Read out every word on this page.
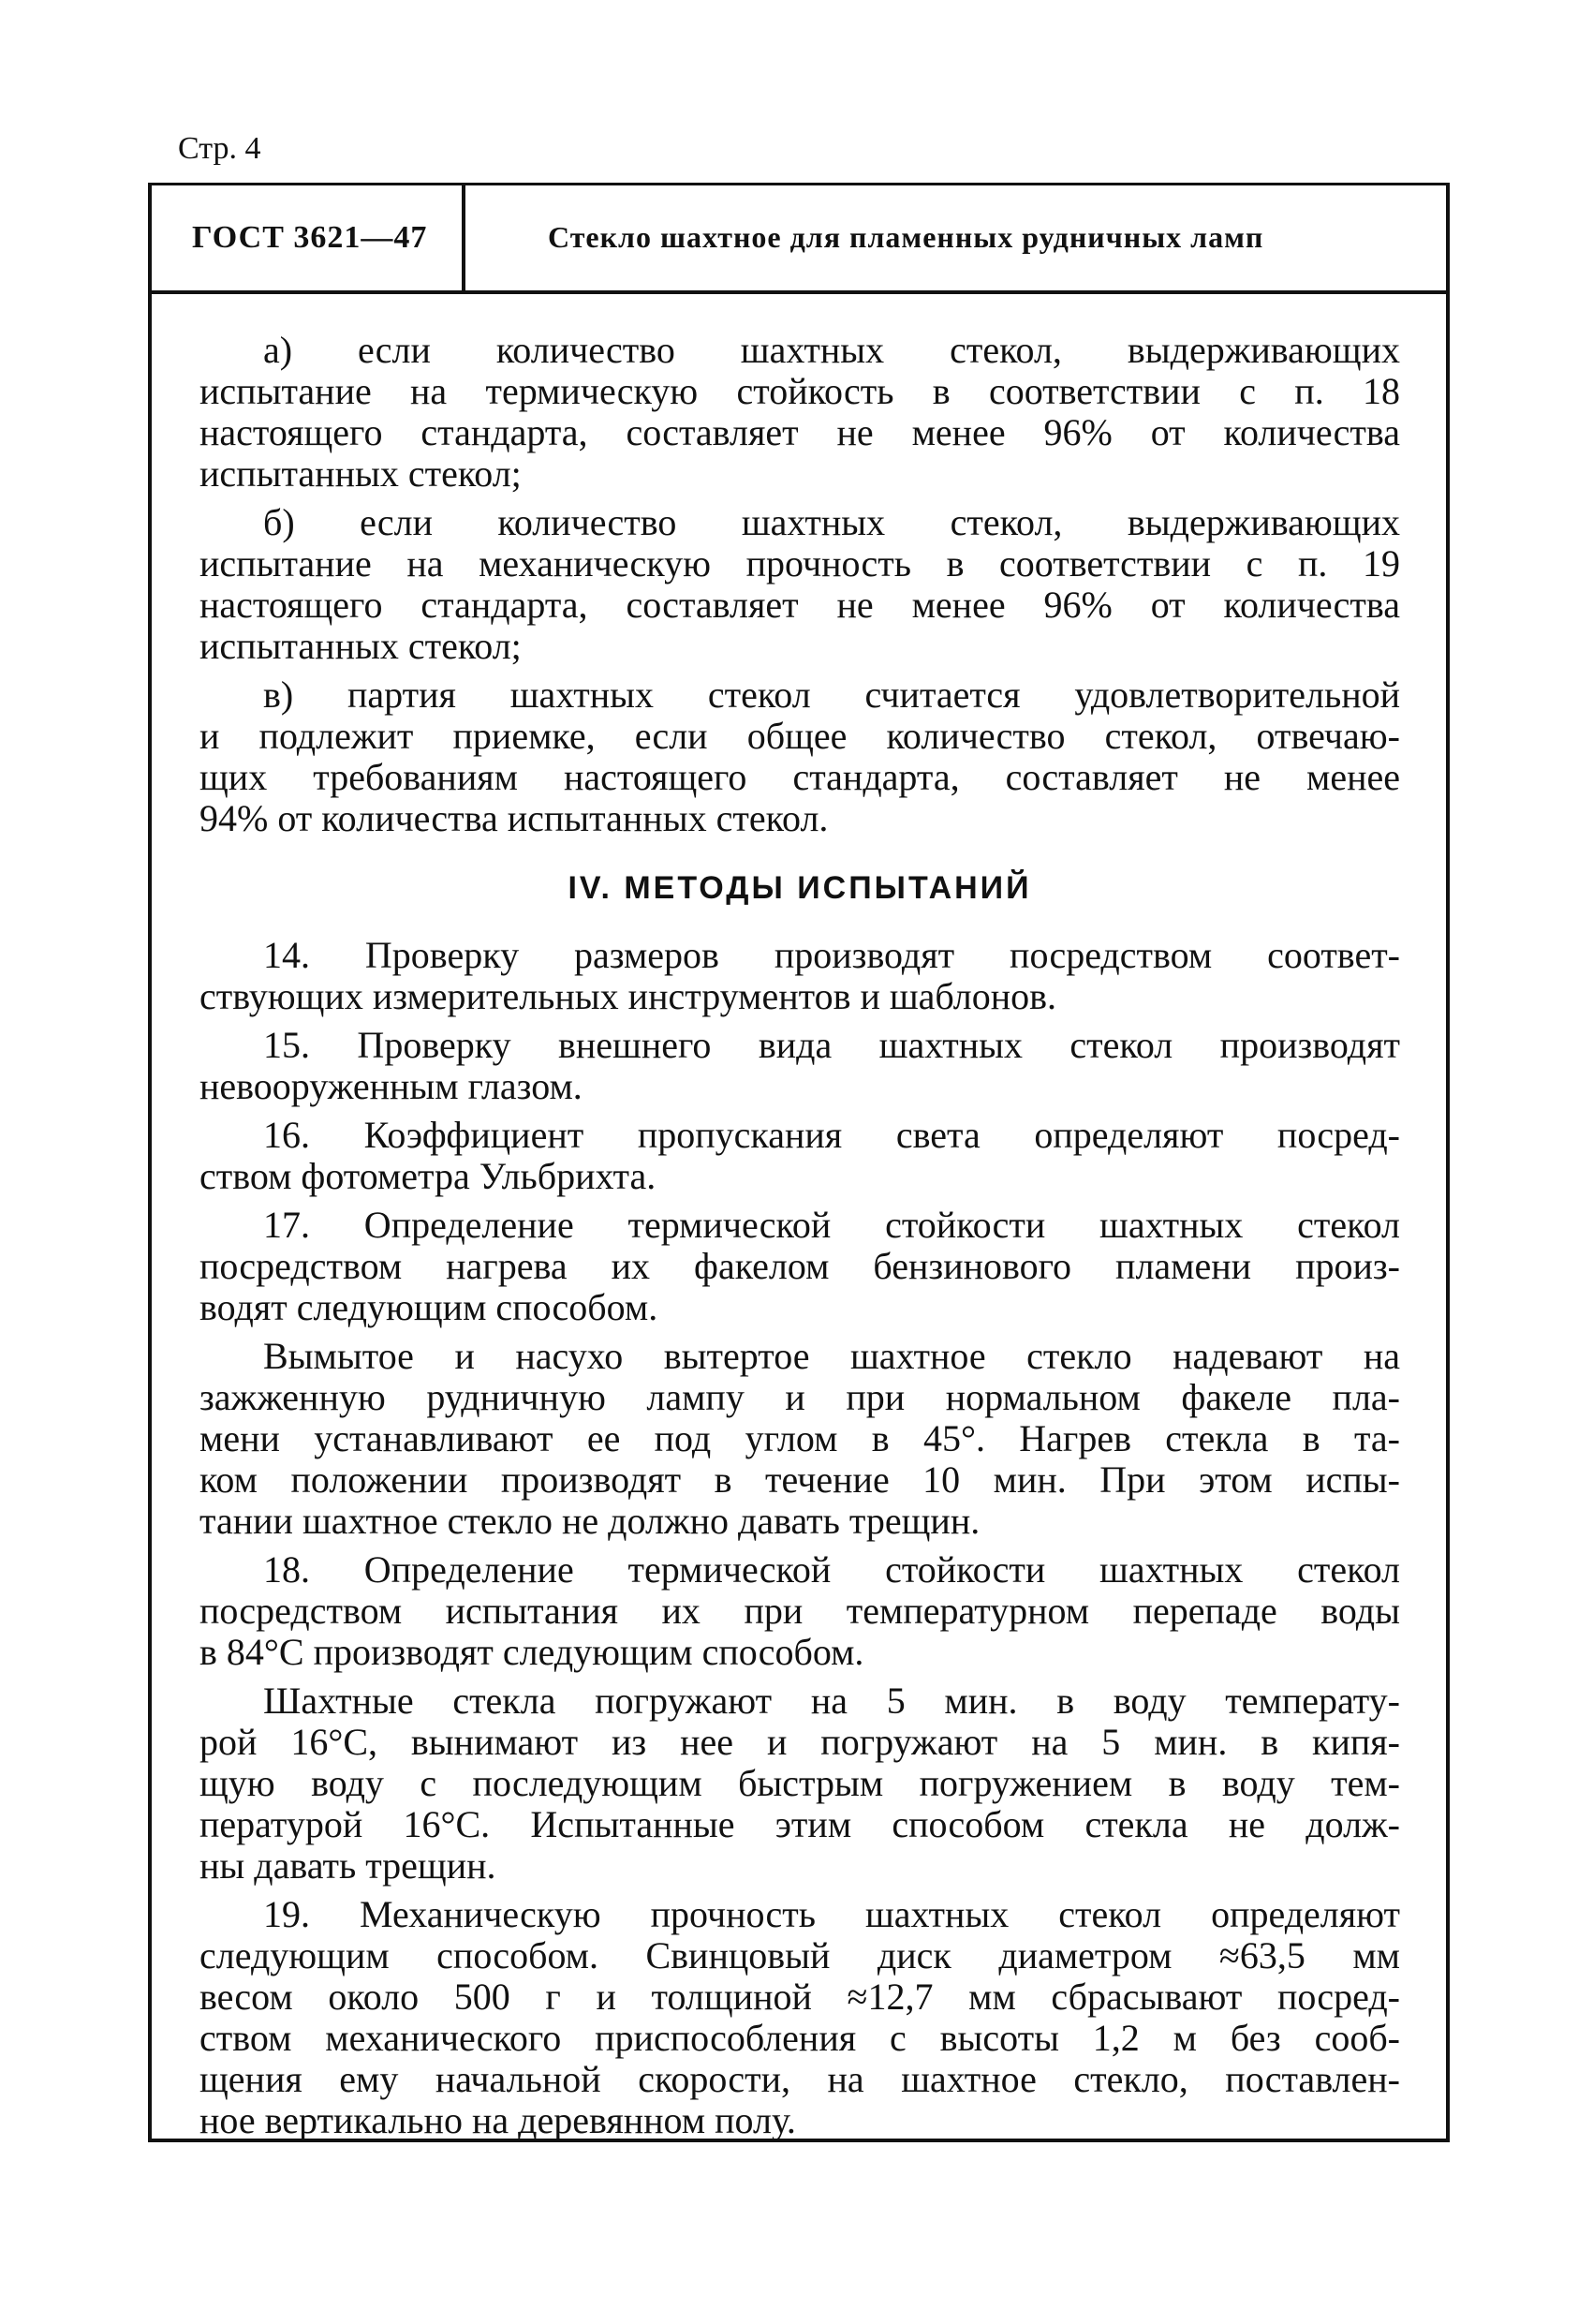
Стр. 4
ГОСТ 3621—47	Стекло шахтное для пламенных рудничных ламп
а) если количество шахтных стекол, выдерживающих
испытание на термическую стойкость в соответствии с п. 18
настоящего стандарта, составляет не менее 96% от количества
испытанных стекол;
б) если количество шахтных стекол, выдерживающих
испытание на механическую прочность в соответствии с п. 19
настоящего стандарта, составляет не менее 96% от количества
испытанных стекол;
в) партия шахтных стекол считается удовлетворительной
и подлежит приемке, если общее количество стекол, отвечаю-
щих требованиям настоящего стандарта, составляет не менее
94% от количества испытанных стекол.
IV. МЕТОДЫ ИСПЫТАНИЙ
14. Проверку размеров производят посредством соответ-
ствующих измерительных инструментов и шаблонов.
15. Проверку внешнего вида шахтных стекол производят
невооруженным глазом.
16. Коэффициент пропускания света определяют посред-
ством фотометра Ульбрихта.
17. Определение термической стойкости шахтных стекол
посредством нагрева их факелом бензинового пламени произ-
водят следующим способом.
Вымытое и насухо вытертое шахтное стекло надевают на
зажженную рудничную лампу и при нормальном факеле пла-
мени устанавливают ее под углом в 45°. Нагрев стекла в та-
ком положении производят в течение 10 мин. При этом испы-
тании шахтное стекло не должно давать трещин.
18. Определение термической стойкости шахтных стекол
посредством испытания их при температурном перепаде воды
в 84°С производят следующим способом.
Шахтные стекла погружают на 5 мин. в воду температу-
рой 16°С, вынимают из нее и погружают на 5 мин. в кипя-
щую воду с последующим быстрым погружением в воду тем-
пературой 16°С. Испытанные этим способом стекла не долж-
ны давать трещин.
19. Механическую прочность шахтных стекол определяют
следующим способом. Свинцовый диск диаметром ≈63,5 мм
весом около 500 г и толщиной ≈12,7 мм сбрасывают посред-
ством механического приспособления с высоты 1,2 м без сооб-
щения ему начальной скорости, на шахтное стекло, поставлен-
ное вертикально на деревянном полу.
